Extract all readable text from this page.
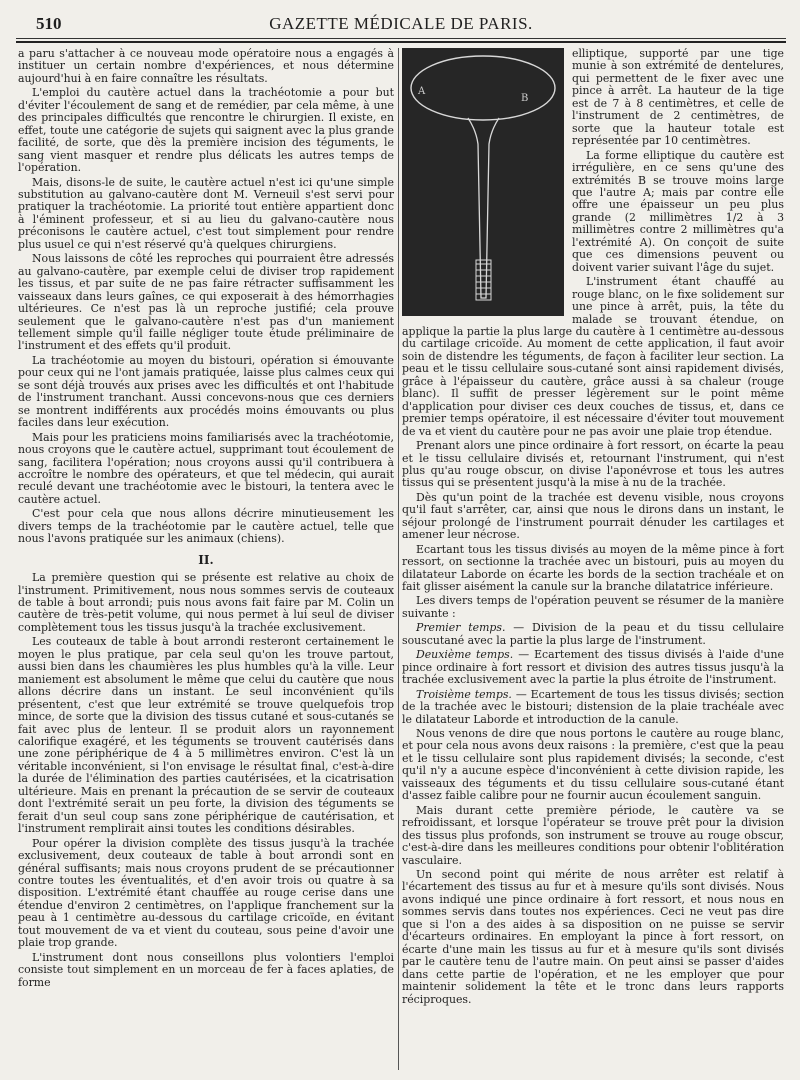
510	GAZETTE MÉDICALE DE PARIS.

a paru s'attacher à ce nouveau mode opératoire nous a engagés à instituer un certain nombre d'expériences, et nous détermine aujourd'hui à en faire connaître les résultats.

L'emploi du cautère actuel dans la trachéotomie a pour but d'éviter l'écoulement de sang et de remédier, par cela même, à une des principales difficultés que rencontre le chirurgien. Il existe, en effet, toute une catégorie de sujets qui saignent avec la plus grande facilité, de sorte, que dès la première incision des téguments, le sang vient masquer et rendre plus délicats les autres temps de l'opération.

Mais, disons-le de suite, le cautère actuel n'est ici qu'une simple substitution au galvano-cautère dont M. Verneuil s'est servi pour pratiquer la trachéotomie. La priorité tout entière appartient donc à l'éminent professeur, et si au lieu du galvano-cautère nous préconisons le cautère actuel, c'est tout simplement pour rendre plus usuel ce qui n'est réservé qu'à quelques chirurgiens.

Nous laissons de côté les reproches qui pourraient être adressés au galvano-cautère, par exemple celui de diviser trop rapidement les tissus, et par suite de ne pas faire rétracter suffisamment les vaisseaux dans leurs gaînes, ce qui exposerait à des hémorrhagies ultérieures. Ce n'est pas là un reproche justifié; cela prouve seulement que le galvano-cautère n'est pas d'un maniement tellement simple qu'il faille négliger toute étude préliminaire de l'instrument et des effets qu'il produit.

La trachéotomie au moyen du bistouri, opération si émouvante pour ceux qui ne l'ont jamais pratiquée, laisse plus calmes ceux qui se sont déjà trouvés aux prises avec les difficultés et ont l'habitude de l'instrument tranchant. Aussi concevons-nous que ces derniers se montrent indifférents aux procédés moins émouvants ou plus faciles dans leur exécution.

Mais pour les praticiens moins familiarisés avec la trachéotomie, nous croyons que le cautère actuel, supprimant tout écoulement de sang, facilitera l'opération; nous croyons aussi qu'il contribuera à accroître le nombre des opérateurs, et que tel médecin, qui aurait reculé devant une trachéotomie avec le bistouri, la tentera avec le cautère actuel.

C'est pour cela que nous allons décrire minutieusement les divers temps de la trachéotomie par le cautère actuel, telle que nous l'avons pratiquée sur les animaux (chiens).

II.

La première question qui se présente est relative au choix de l'instrument. Primitivement, nous nous sommes servis de couteaux de table à bout arrondi; puis nous avons fait faire par M. Colin un cautère de très-petit volume, qui nous permet à lui seul de diviser complètement tous les tissus jusqu'à la trachée exclusivement.

Les couteaux de table à bout arrondi resteront certainement le moyen le plus pratique, par cela seul qu'on les trouve partout, aussi bien dans les chaumières les plus humbles qu'à la ville. Leur maniement est absolument le même que celui du cautère que nous allons décrire dans un instant. Le seul inconvénient qu'ils présentent, c'est que leur extrémité se trouve quelquefois trop mince, de sorte que la division des tissus cutané et sous-cutanés se fait avec plus de lenteur. Il se produit alors un rayonnement calorifique exagéré, et les téguments se trouvent cautérisés dans une zone périphérique de 4 à 5 millimètres environ. C'est là un véritable inconvénient, si l'on envisage le résultat final, c'est-à-dire la durée de l'élimination des parties cautérisées, et la cicatrisation ultérieure. Mais en prenant la précaution de se servir de couteaux dont l'extrémité serait un peu forte, la division des téguments se ferait d'un seul coup sans zone périphérique de cautérisation, et l'instrument remplirait ainsi toutes les conditions désirables.

Pour opérer la division complète des tissus jusqu'à la trachée exclusivement, deux couteaux de table à bout arrondi sont en général suffisants; mais nous croyons prudent de se précautionner contre toutes les éventualités, et d'en avoir trois ou quatre à sa disposition. L'extrémité étant chauffée au rouge cerise dans une étendue d'environ 2 centimètres, on l'applique franchement sur la peau à 1 centimètre au-dessous du cartilage cricoïde, en évitant tout mouvement de va et vient du couteau, sous peine d'avoir une plaie trop grande.

L'instrument dont nous conseillons plus volontiers l'emploi consiste tout simplement en un morceau de fer à faces aplaties, de forme

A
B

elliptique, supporté par une tige munie à son extrémité de dentelures, qui permettent de le fixer avec une pince à arrêt. La hauteur de la tige est de 7 à 8 centimètres, et celle de l'instrument de 2 centimètres, de sorte que la hauteur totale est représentée par 10 centimètres.

La forme elliptique du cautère est irrégulière, en ce sens qu'une des extrémités B se trouve moins large que l'autre A; mais par contre elle offre une épaisseur un peu plus grande (2 millimètres 1/2 à 3 millimètres contre 2 millimètres qu'a l'extrémité A). On conçoit de suite que ces dimensions peuvent ou doivent varier suivant l'âge du sujet.

L'instrument étant chauffé au rouge blanc, on le fixe solidement sur une pince à arrêt, puis, la tête du malade se trouvant étendue, on applique la partie la plus large du cautère à 1 centimètre au-dessous du cartilage cricoïde. Au moment de cette application, il faut avoir soin de distendre les téguments, de façon à faciliter leur section. La peau et le tissu cellulaire sous-cutané sont ainsi rapidement divisés, grâce à l'épaisseur du cautère, grâce aussi à sa chaleur (rouge blanc). Il suffit de presser légèrement sur le point même d'application pour diviser ces deux couches de tissus, et, dans ce premier temps opératoire, il est nécessaire d'éviter tout mouvement de va et vient du cautère pour ne pas avoir une plaie trop étendue.

Prenant alors une pince ordinaire à fort ressort, on écarte la peau et le tissu cellulaire divisés et, retournant l'instrument, qui n'est plus qu'au rouge obscur, on divise l'aponévrose et tous les autres tissus qui se présentent jusqu'à la mise à nu de la trachée.

Dès qu'un point de la trachée est devenu visible, nous croyons qu'il faut s'arrêter, car, ainsi que nous le dirons dans un instant, le séjour prolongé de l'instrument pourrait dénuder les cartilages et amener leur nécrose.

Ecartant tous les tissus divisés au moyen de la même pince à fort ressort, on sectionne la trachée avec un bistouri, puis au moyen du dilatateur Laborde on écarte les bords de la section trachéale et on fait glisser aisément la canule sur la branche dilatatrice inférieure.

Les divers temps de l'opération peuvent se résumer de la manière suivante :

Premier temps. — Division de la peau et du tissu cellulaire souscutané avec la partie la plus large de l'instrument.

Deuxième temps. — Ecartement des tissus divisés à l'aide d'une pince ordinaire à fort ressort et division des autres tissus jusqu'à la trachée exclusivement avec la partie la plus étroite de l'instrument.

Troisième temps. — Ecartement de tous les tissus divisés; section de la trachée avec le bistouri; distension de la plaie trachéale avec le dilatateur Laborde et introduction de la canule.

Nous venons de dire que nous portons le cautère au rouge blanc, et pour cela nous avons deux raisons : la première, c'est que la peau et le tissu cellulaire sont plus rapidement divisés; la seconde, c'est qu'il n'y a aucune espèce d'inconvénient à cette division rapide, les vaisseaux des téguments et du tissu cellulaire sous-cutané étant d'assez faible calibre pour ne fournir aucun écoulement sanguin.

Mais durant cette première période, le cautère va se refroidissant, et lorsque l'opérateur se trouve prêt pour la division des tissus plus profonds, son instrument se trouve au rouge obscur, c'est-à-dire dans les meilleures conditions pour obtenir l'oblitération vasculaire.

Un second point qui mérite de nous arrêter est relatif à l'écartement des tissus au fur et à mesure qu'ils sont divisés. Nous avons indiqué une pince ordinaire à fort ressort, et nous nous en sommes servis dans toutes nos expériences. Ceci ne veut pas dire que si l'on a des aides à sa disposition on ne puisse se servir d'écarteurs ordinaires. En employant la pince à fort ressort, on écarte d'une main les tissus au fur et à mesure qu'ils sont divisés par le cautère tenu de l'autre main. On peut ainsi se passer d'aides dans cette partie de l'opération, et ne les employer que pour maintenir solidement la tête et le tronc dans leurs rapports réciproques.
